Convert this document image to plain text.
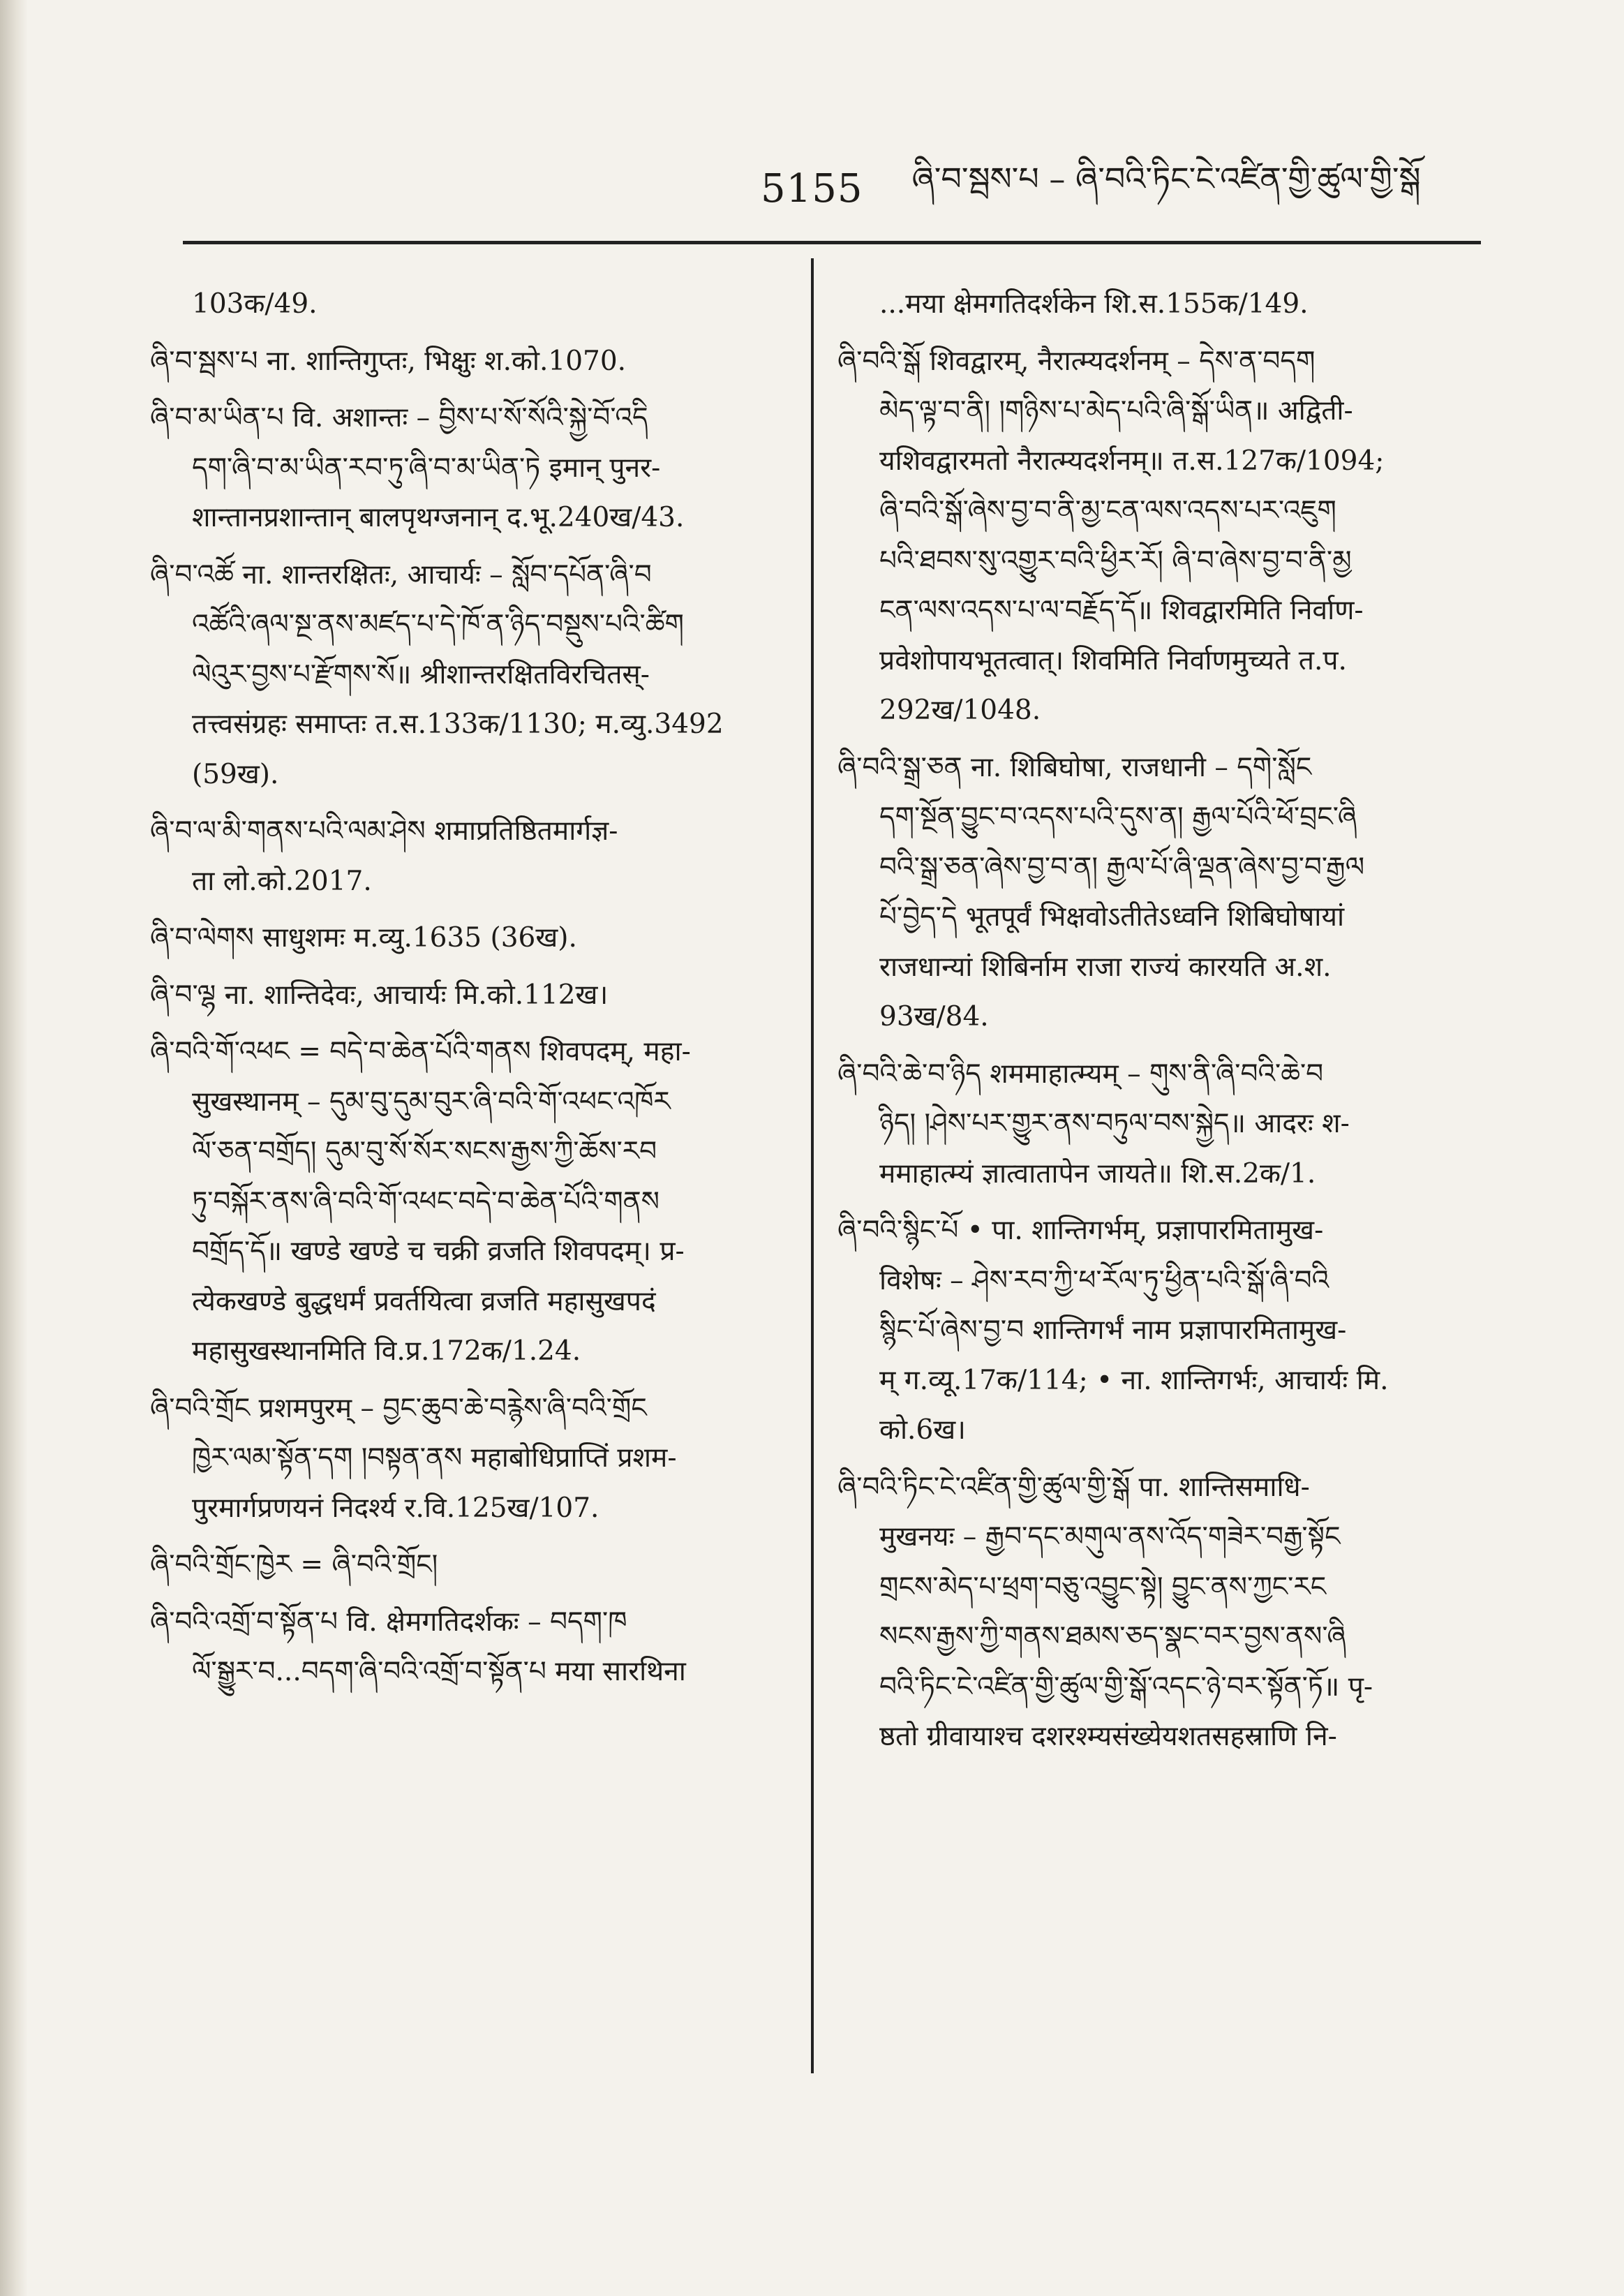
5155 ཞི་བ་སྦས་པ – ཞི་བའི་ཏིང་ངེ་འཛིན་གྱི་ཚུལ་གྱི་སྒོ
103क/49.
ཞི་བ་སྦས་པ ना. शान्तिगुप्तः, भिक्षुः श.को.1070.
ཞི་བ་མ་ཡིན་པ वि. अशान्तः – བྱིས་པ་སོ་སོའི་སྐྱེ་བོ་འདི
དག་ཞི་བ་མ་ཡིན་རབ་ཏུ་ཞི་བ་མ་ཡིན་ཏེ इमान् पुनर-
शान्तानप्रशान्तान् बालपृथग्जनान् द.भू.240ख/43.
ཞི་བ་འཚོ ना. शान्तरक्षितः, आचार्यः – སློབ་དཔོན་ཞི་བ
འཚོའི་ཞལ་སྔ་ནས་མཛད་པ་དེ་ཁོ་ན་ཉིད་བསྡུས་པའི་ཚིག
ལེའུར་བྱས་པ་རྫོགས་སོ॥ श्रीशान्तरक्षितविरचितस्-
तत्त्वसंग्रहः समाप्तः त.स.133क/1130; म.व्यु.3492
(59ख).
ཞི་བ་ལ་མི་གནས་པའི་ལམ་ཤེས शमाप्रतिष्ठितमार्गज्ञ-
ता लो.को.2017.
ཞི་བ་ལེགས साधुशमः म.व्यु.1635 (36ख).
ཞི་བ་ལྷ ना. शान्तिदेवः, आचार्यः मि.को.112ख।
ཞི་བའི་གོ་འཕང = བདེ་བ་ཆེན་པོའི་གནས शिवपदम्, महा-
सुखस्थानम् – དུམ་བུ་དུམ་བུར་ཞི་བའི་གོ་འཕང་འཁོར
ལོ་ཅན་བགྲོད། དུམ་བུ་སོ་སོར་སངས་རྒྱས་ཀྱི་ཆོས་རབ
ཏུ་བསྐོར་ནས་ཞི་བའི་གོ་འཕང་བདེ་བ་ཆེན་པོའི་གནས
བགྲོད་དོ॥ खण्डे खण्डे च चक्री व्रजति शिवपदम्। प्र-
त्येकखण्डे बुद्धधर्मं प्रवर्तयित्वा व्रजति महासुखपदं
महासुखस्थानमिति वि.प्र.172क/1.24.
ཞི་བའི་གྲོང प्रशमपुरम् – བྱང་ཆུབ་ཆེ་བརྙེས་ཞི་བའི་གྲོང
ཁྱེར་ལམ་སྟོན་དག །བསྟན་ནས महाबोधिप्राप्तिं प्रशम-
पुरमार्गप्रणयनं निदर्श्य र.वि.125ख/107.
ཞི་བའི་གྲོང་ཁྱེར = ཞི་བའི་གྲོང།
ཞི་བའི་འགྲོ་བ་སྟོན་པ वि. क्षेमगतिदर्शकः – བདག་ཁ
ལོ་སྒྱུར་བ...བདག་ཞི་བའི་འགྲོ་བ་སྟོན་པ मया सारथिना
...मया क्षेमगतिदर्शकेन शि.स.155क/149.
ཞི་བའི་སྒོ शिवद्वारम्, नैरात्म्यदर्शनम् – དེས་ན་བདག
མེད་ལྟ་བ་ནི། །གཉིས་པ་མེད་པའི་ཞི་སྒོ་ཡིན॥ अद्विती-
यशिवद्वारमतो नैरात्म्यदर्शनम्॥ त.स.127क/1094;
ཞི་བའི་སྒོ་ཞེས་བྱ་བ་ནི་མྱ་ངན་ལས་འདས་པར་འཇུག
པའི་ཐབས་སུ་འགྱུར་བའི་ཕྱིར་རོ། ཞི་བ་ཞེས་བྱ་བ་ནི་མྱ
ངན་ལས་འདས་པ་ལ་བརྗོད་དོ॥ शिवद्वारमिति निर्वाण-
प्रवेशोपायभूतत्वात्। शिवमिति निर्वाणमुच्यते त.प.
292ख/1048.
ཞི་བའི་སྒྲ་ཅན ना. शिबिघोषा, राजधानी – དགེ་སློང
དག་སྔོན་བྱུང་བ་འདས་པའི་དུས་ན། རྒྱལ་པོའི་ཕོ་བྲང་ཞི
བའི་སྒྲ་ཅན་ཞེས་བྱ་བ་ན། རྒྱལ་པོ་ཞི་ལྡན་ཞེས་བྱ་བ་རྒྱལ
པོ་བྱེད་དེ भूतपूर्वं भिक्षवोऽतीतेऽध्वनि शिबिघोषायां
राजधान्यां शिबिर्नाम राजा राज्यं कारयति अ.श.
93ख/84.
ཞི་བའི་ཆེ་བ་ཉིད शममाहात्म्यम् – གུས་ནི་ཞི་བའི་ཆེ་བ
ཉིད། །ཤེས་པར་གྱུར་ནས་བཏུལ་བས་སྐྱེད॥ आदरः श-
ममाहात्म्यं ज्ञात्वातापेन जायते॥ शि.स.2क/1.
ཞི་བའི་སྙིང་པོ • पा. शान्तिगर्भम्, प्रज्ञापारमितामुख-
विशेषः – ཤེས་རབ་ཀྱི་ཕ་རོལ་ཏུ་ཕྱིན་པའི་སྒོ་ཞི་བའི
སྙིང་པོ་ཞེས་བྱ་བ शान्तिगर्भं नाम प्रज्ञापारमितामुख-
म् ग.व्यू.17क/114; • ना. शान्तिगर्भः, आचार्यः मि.
को.6ख।
ཞི་བའི་ཏིང་ངེ་འཛིན་གྱི་ཚུལ་གྱི་སྒོ पा. शान्तिसमाधि-
मुखनयः – རྒྱབ་དང་མགུལ་ནས་འོད་གཟེར་བརྒྱ་སྟོང
གྲངས་མེད་པ་ཕྲག་བཅུ་འབྱུང་སྟེ། བྱུང་ནས་ཀྱང་རང
སངས་རྒྱས་ཀྱི་གནས་ཐམས་ཅད་སྣང་བར་བྱས་ནས་ཞི
བའི་ཏིང་ངེ་འཛིན་གྱི་ཚུལ་གྱི་སྒོ་འདང་ཉེ་བར་སྟོན་ཏོ॥ पृ-
ष्ठतो ग्रीवायाश्च दशरश्म्यसंख्येयशतसहस्राणि नि-
